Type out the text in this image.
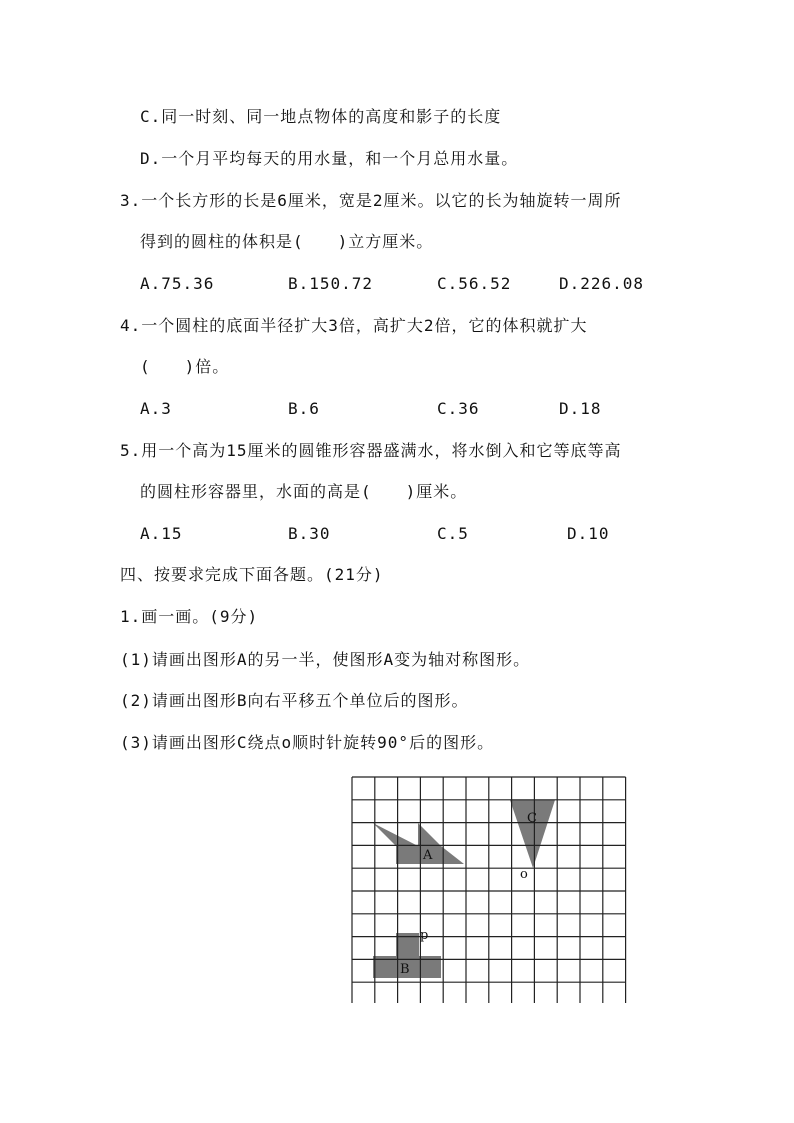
C.同一时刻、同一地点物体的高度和影子的长度
D.一个月平均每天的用水量，和一个月总用水量。
3.一个长方形的长是6厘米，宽是2厘米。以它的长为轴旋转一周所
得到的圆柱的体积是(　　)立方厘米。
A.75.36	B.150.72	C.56.52	D.226.08
4.一个圆柱的底面半径扩大3倍，高扩大2倍，它的体积就扩大
(　　)倍。
A.3	B.6	C.36	D.18
5.用一个高为15厘米的圆锥形容器盛满水，将水倒入和它等底等高
的圆柱形容器里，水面的高是(　　)厘米。
A.15	B.30	C.5	D.10
四、按要求完成下面各题。(21分)
1.画一画。(9分)
(1)请画出图形A的另一半，使图形A变为轴对称图形。
(2)请画出图形B向右平移五个单位后的图形。
(3)请画出图形C绕点o顺时针旋转90°后的图形。
A
C
B
p
o
